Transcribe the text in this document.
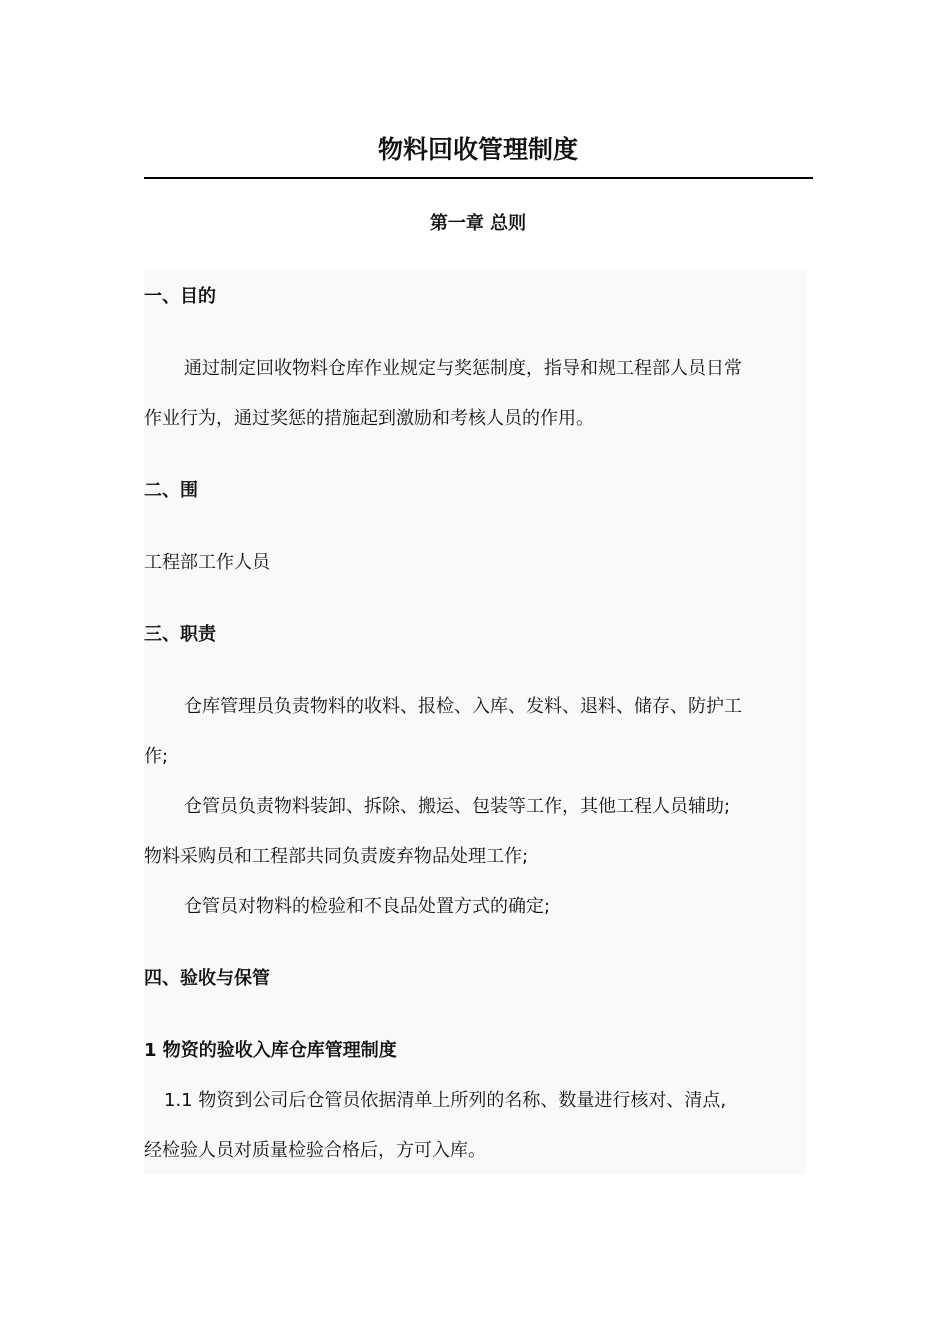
物料回收管理制度
第一章 总则

一、目的

通过制定回收物料仓库作业规定与奖惩制度，指导和规工程部人员日常

作业行为，通过奖惩的措施起到激励和考核人员的作用。

二、围

工程部工作人员

三、职责

仓库管理员负责物料的收料、报检、入库、发料、退料、储存、防护工

作;

仓管员负责物料装卸、拆除、搬运、包装等工作，其他工程人员辅助;

物料采购员和工程部共同负责废弃物品处理工作;

仓管员对物料的检验和不良品处置方式的确定;

四、验收与保管

1 物资的验收入库仓库管理制度

1.1 物资到公司后仓管员依据清单上所列的名称、数量进行核对、清点,

经检验人员对质量检验合格后，方可入库。
